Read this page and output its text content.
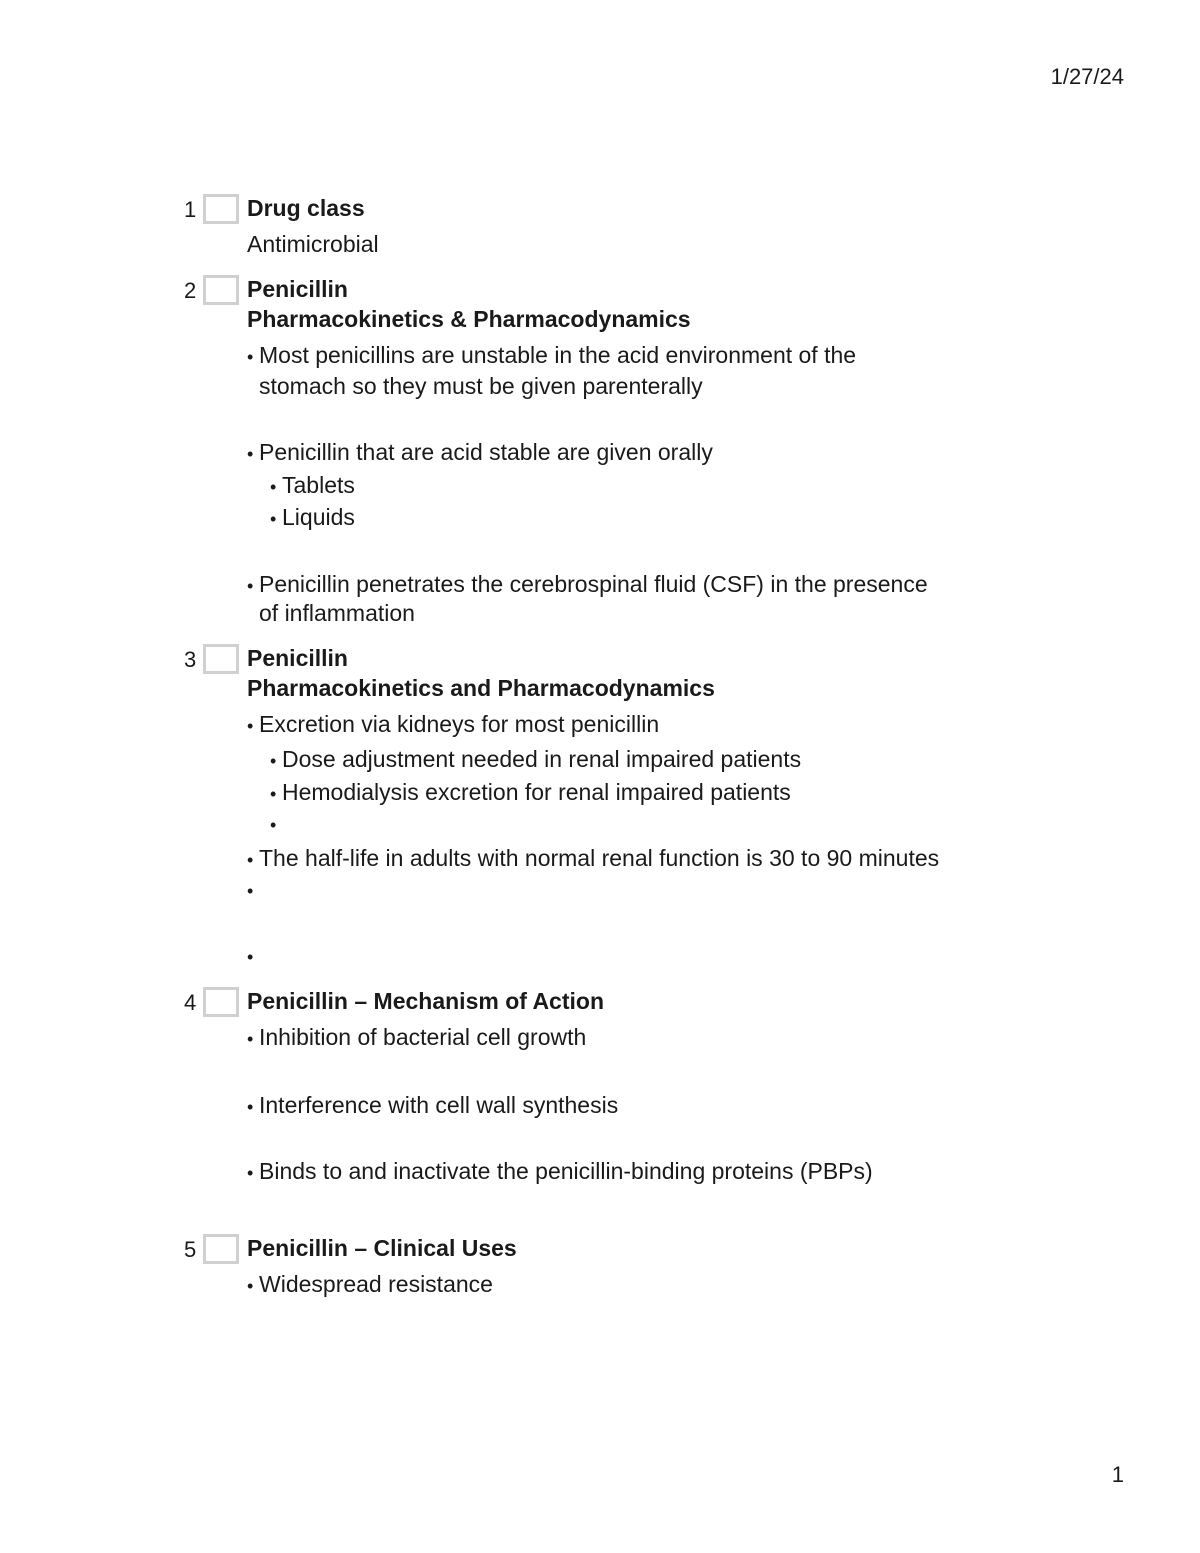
1/27/24
1 Drug class
Antimicrobial
2 Penicillin
Pharmacokinetics & Pharmacodynamics
• Most penicillins are unstable in the acid environment of the
stomach so they must be given parenterally
• Penicillin that are acid stable are given orally
• Tablets
• Liquids
• Penicillin penetrates the cerebrospinal fluid (CSF) in the presence
of inflammation
3 Penicillin
Pharmacokinetics and Pharmacodynamics
• Excretion via kidneys for most penicillin
• Dose adjustment needed in renal impaired patients
• Hemodialysis excretion for renal impaired patients
•
• The half-life in adults with normal renal function is 30 to 90 minutes
•
•
4 Penicillin – Mechanism of Action
• Inhibition of bacterial cell growth
• Interference with cell wall synthesis
• Binds to and inactivate the penicillin-binding proteins (PBPs)
5 Penicillin – Clinical Uses
• Widespread resistance
1
